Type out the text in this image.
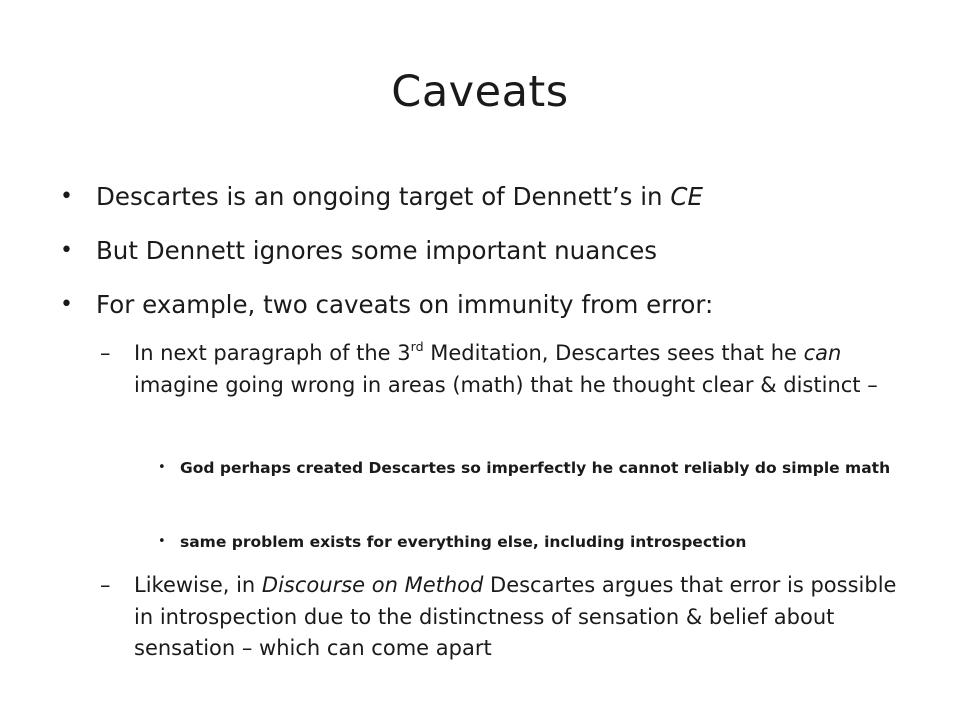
Caveats
• Descartes is an ongoing target of Dennett’s in CE
• But Dennett ignores some important nuances
• For example, two caveats on immunity from error:
– In next paragraph of the 3rd Meditation, Descartes sees that he can imagine going wrong in areas (math) that he thought clear & distinct –
• God perhaps created Descartes so imperfectly he cannot reliably do simple math
• same problem exists for everything else, including introspection
– Likewise, in Discourse on Method Descartes argues that error is possible in introspection due to the distinctness of sensation & belief about sensation – which can come apart
